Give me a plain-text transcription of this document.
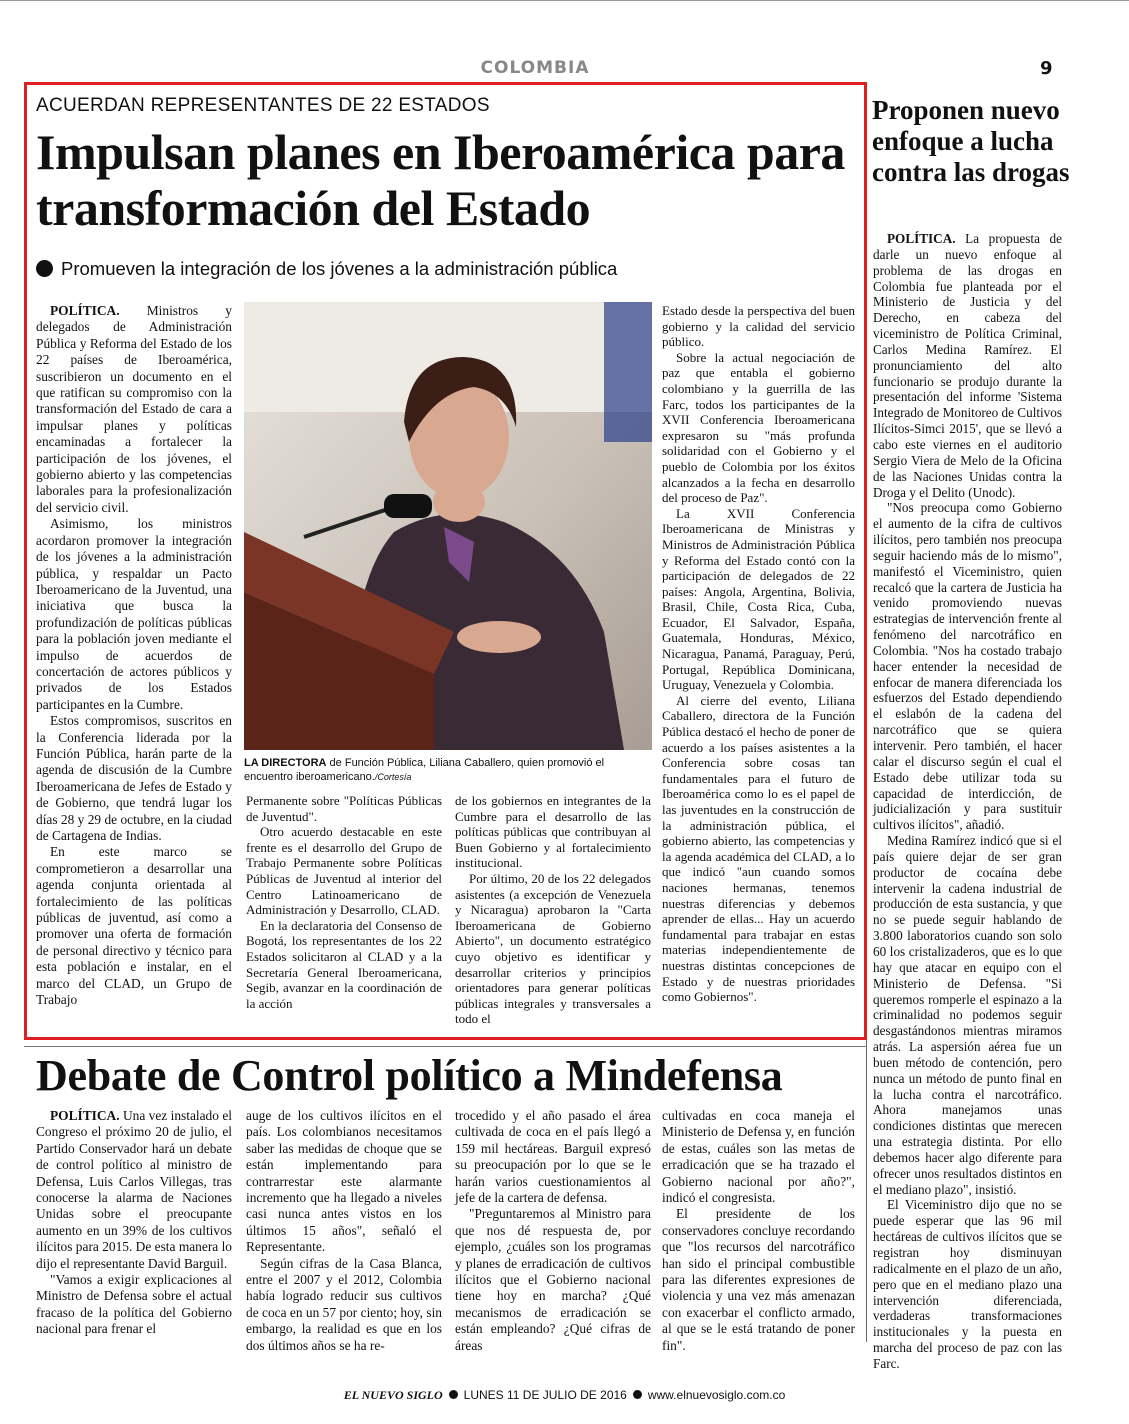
COLOMBIA	9
ACUERDAN REPRESENTANTES DE 22 ESTADOS
Impulsan planes en Iberoamérica para transformación del Estado
Promueven la integración de los jóvenes a la administración pública

POLÍTICA. Ministros y delegados de Administración Pública y Reforma del Estado de los 22 países de Iberoamérica, suscribieron un documento en el que ratifican su compromiso con la transformación del Estado de cara a impulsar planes y políticas encaminadas a fortalecer la participación de los jóvenes, el gobierno abierto y las competencias laborales para la profesionalización del servicio civil.

Asimismo, los ministros acordaron promover la integración de los jóvenes a la administración pública, y respaldar un Pacto Iberoamericano de la Juventud, una iniciativa que busca la profundización de políticas públicas para la población joven mediante el impulso de acuerdos de concertación de actores públicos y privados de los Estados participantes en la Cumbre.

Estos compromisos, suscritos en la Conferencia liderada por la Función Pública, harán parte de la agenda de discusión de la Cumbre Iberoamericana de Jefes de Estado y de Gobierno, que tendrá lugar los días 28 y 29 de octubre, en la ciudad de Cartagena de Indias.

En este marco se comprometieron a desarrollar una agenda conjunta orientada al fortalecimiento de las políticas públicas de juventud, así como a promover una oferta de formación de personal directivo y técnico para esta población e instalar, en el marco del CLAD, un Grupo de Trabajo

Permanente sobre "Políticas Públicas de Juventud".

Otro acuerdo destacable en este frente es el desarrollo del Grupo de Trabajo Permanente sobre Políticas Públicas de Juventud al interior del Centro Latinoamericano de Administración y Desarrollo, CLAD.

En la declaratoria del Consenso de Bogotá, los representantes de los 22 Estados solicitaron al CLAD y a la Secretaría General Iberoamericana, Segib, avanzar en la coordinación de la acción

de los gobiernos en integrantes de la Cumbre para el desarrollo de las políticas públicas que contribuyan al Buen Gobierno y al fortalecimiento institucional.

Por último, 20 de los 22 delegados asistentes (a excepción de Venezuela y Nicaragua) aprobaron la "Carta Iberoamericana de Gobierno Abierto", un documento estratégico cuyo objetivo es identificar y desarrollar criterios y principios orientadores para generar políticas públicas integrales y transversales a todo el

Estado desde la perspectiva del buen gobierno y la calidad del servicio público.

Sobre la actual negociación de paz que entabla el gobierno colombiano y la guerrilla de las Farc, todos los participantes de la XVII Conferencia Iberoamericana expresaron su "más profunda solidaridad con el Gobierno y el pueblo de Colombia por los éxitos alcanzados a la fecha en desarrollo del proceso de Paz".

La XVII Conferencia Iberoamericana de Ministras y Ministros de Administración Pública y Reforma del Estado contó con la participación de delegados de 22 países: Angola, Argentina, Bolivia, Brasil, Chile, Costa Rica, Cuba, Ecuador, El Salvador, España, Guatemala, Honduras, México, Nicaragua, Panamá, Paraguay, Perú, Portugal, República Dominicana, Uruguay, Venezuela y Colombia.

Al cierre del evento, Liliana Caballero, directora de la Función Pública destacó el hecho de poner de acuerdo a los países asistentes a la Conferencia sobre cosas tan fundamentales para el futuro de Iberoamérica como lo es el papel de las juventudes en la construcción de la administración pública, el gobierno abierto, las competencias y la agenda académica del CLAD, a lo que indicó "aun cuando somos naciones hermanas, tenemos nuestras diferencias y debemos aprender de ellas... Hay un acuerdo fundamental para trabajar en estas materias independientemente de nuestras distintas concepciones de Estado y de nuestras prioridades como Gobiernos".

LA DIRECTORA de Función Pública, Liliana Caballero, quien promovió el encuentro iberoamericano./Cortesía
Proponen nuevo enfoque a lucha contra las drogas

POLÍTICA. La propuesta de darle un nuevo enfoque al problema de las drogas en Colombia fue planteada por el Ministerio de Justicia y del Derecho, en cabeza del viceministro de Política Criminal, Carlos Medina Ramírez. El pronunciamiento del alto funcionario se produjo durante la presentación del informe 'Sistema Integrado de Monitoreo de Cultivos Ilícitos-Simci 2015', que se llevó a cabo este viernes en el auditorio Sergio Viera de Melo de la Oficina de las Naciones Unidas contra la Droga y el Delito (Unodc).

"Nos preocupa como Gobierno el aumento de la cifra de cultivos ilícitos, pero también nos preocupa seguir haciendo más de lo mismo", manifestó el Viceministro, quien recalcó que la cartera de Justicia ha venido promoviendo nuevas estrategias de intervención frente al fenómeno del narcotráfico en Colombia. "Nos ha costado trabajo hacer entender la necesidad de enfocar de manera diferenciada los esfuerzos del Estado dependiendo el eslabón de la cadena del narcotráfico que se quiera intervenir. Pero también, el hacer calar el discurso según el cual el Estado debe utilizar toda su capacidad de interdicción, de judicialización y para sustituir cultivos ilícitos", añadió.

Medina Ramírez indicó que si el país quiere dejar de ser gran productor de cocaína debe intervenir la cadena industrial de producción de esta sustancia, y que no se puede seguir hablando de 3.800 laboratorios cuando son solo 60 los cristalizaderos, que es lo que hay que atacar en equipo con el Ministerio de Defensa. "Si queremos romperle el espinazo a la criminalidad no podemos seguir desgastándonos mientras miramos atrás. La aspersión aérea fue un buen método de contención, pero nunca un método de punto final en la lucha contra el narcotráfico. Ahora manejamos unas condiciones distintas que merecen una estrategia distinta. Por ello debemos hacer algo diferente para ofrecer unos resultados distintos en el mediano plazo", insistió.

El Viceministro dijo que no se puede esperar que las 96 mil hectáreas de cultivos ilícitos que se registran hoy disminuyan radicalmente en el plazo de un año, pero que en el mediano plazo una intervención diferenciada, verdaderas transformaciones institucionales y la puesta en marcha del proceso de paz con las Farc.

Debate de Control político a Mindefensa

POLÍTICA. Una vez instalado el Congreso el próximo 20 de julio, el Partido Conservador hará un debate de control político al ministro de Defensa, Luis Carlos Villegas, tras conocerse la alarma de Naciones Unidas sobre el preocupante aumento en un 39% de los cultivos ilícitos para 2015. De esta manera lo dijo el representante David Barguil.

"Vamos a exigir explicaciones al Ministro de Defensa sobre el actual fracaso de la política del Gobierno nacional para frenar el

auge de los cultivos ilícitos en el país. Los colombianos necesitamos saber las medidas de choque que se están implementando para contrarrestar este alarmante incremento que ha llegado a niveles casi nunca antes vistos en los últimos 15 años", señaló el Representante.

Según cifras de la Casa Blanca, entre el 2007 y el 2012, Colombia había logrado reducir sus cultivos de coca en un 57 por ciento; hoy, sin embargo, la realidad es que en los dos últimos años se ha re-

trocedido y el año pasado el área cultivada de coca en el país llegó a 159 mil hectáreas. Barguil expresó su preocupación por lo que se le harán varios cuestionamientos al jefe de la cartera de defensa.

"Preguntaremos al Ministro para que nos dé respuesta de, por ejemplo, ¿cuáles son los programas y planes de erradicación de cultivos ilícitos que el Gobierno nacional tiene hoy en marcha? ¿Qué mecanismos de erradicación se están empleando? ¿Qué cifras de áreas

cultivadas en coca maneja el Ministerio de Defensa y, en función de estas, cuáles son las metas de erradicación que se ha trazado el Gobierno nacional por año?", indicó el congresista.

El presidente de los conservadores concluye recordando que "los recursos del narcotráfico han sido el principal combustible para las diferentes expresiones de violencia y una vez más amenazan con exacerbar el conflicto armado, al que se le está tratando de poner fin".

EL NUEVO SIGLO LUNES 11 DE JULIO DE 2016 www.elnuevosiglo.com.co
